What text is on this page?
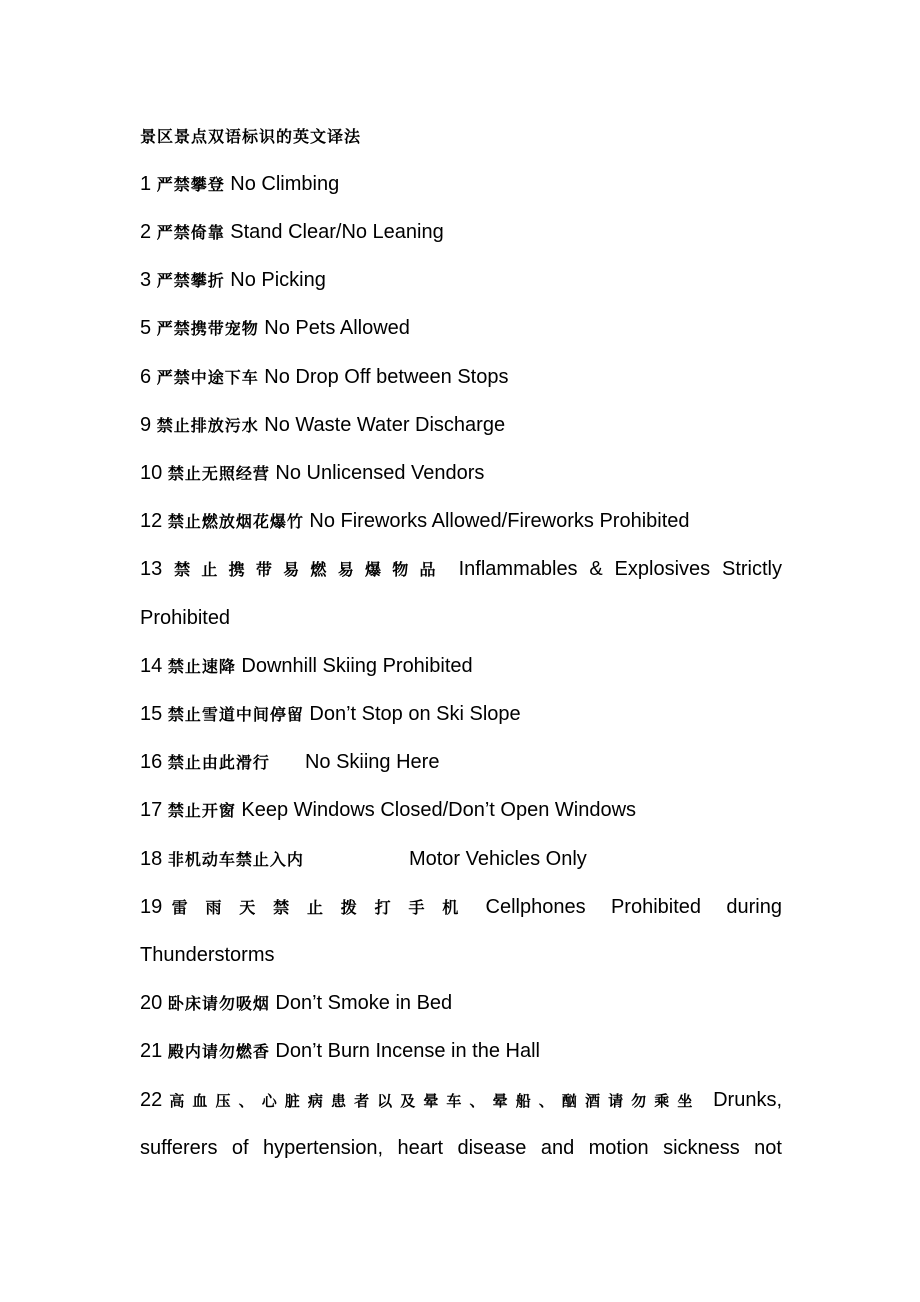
景区景点双语标识的英文译法
1 严禁攀登 No Climbing
2 严禁倚靠 Stand Clear/No Leaning
3 严禁攀折 No Picking
5 严禁携带宠物 No Pets Allowed
6 严禁中途下车 No Drop Off between Stops
9 禁止排放污水 No Waste Water Discharge
10 禁止无照经营 No Unlicensed Vendors
12 禁止燃放烟花爆竹 No Fireworks Allowed/Fireworks Prohibited
13 禁止携带易燃易爆物品 Inflammables & Explosives Strictly
Prohibited
14 禁止速降 Downhill Skiing Prohibited
15 禁止雪道中间停留 Don’t Stop on Ski Slope
16 禁止由此滑行 No Skiing Here
17 禁止开窗 Keep Windows Closed/Don’t Open Windows
18 非机动车禁止入内	Motor Vehicles Only
19 雷雨天禁止拨打手机 Cellphones Prohibited during
Thunderstorms
20 卧床请勿吸烟 Don’t Smoke in Bed
21 殿内请勿燃香 Don’t Burn Incense in the Hall
22高血压、心脏病患者以及晕车、晕船、酗酒请勿乘坐 Drunks,
sufferers of hypertension, heart disease and motion sickness not
